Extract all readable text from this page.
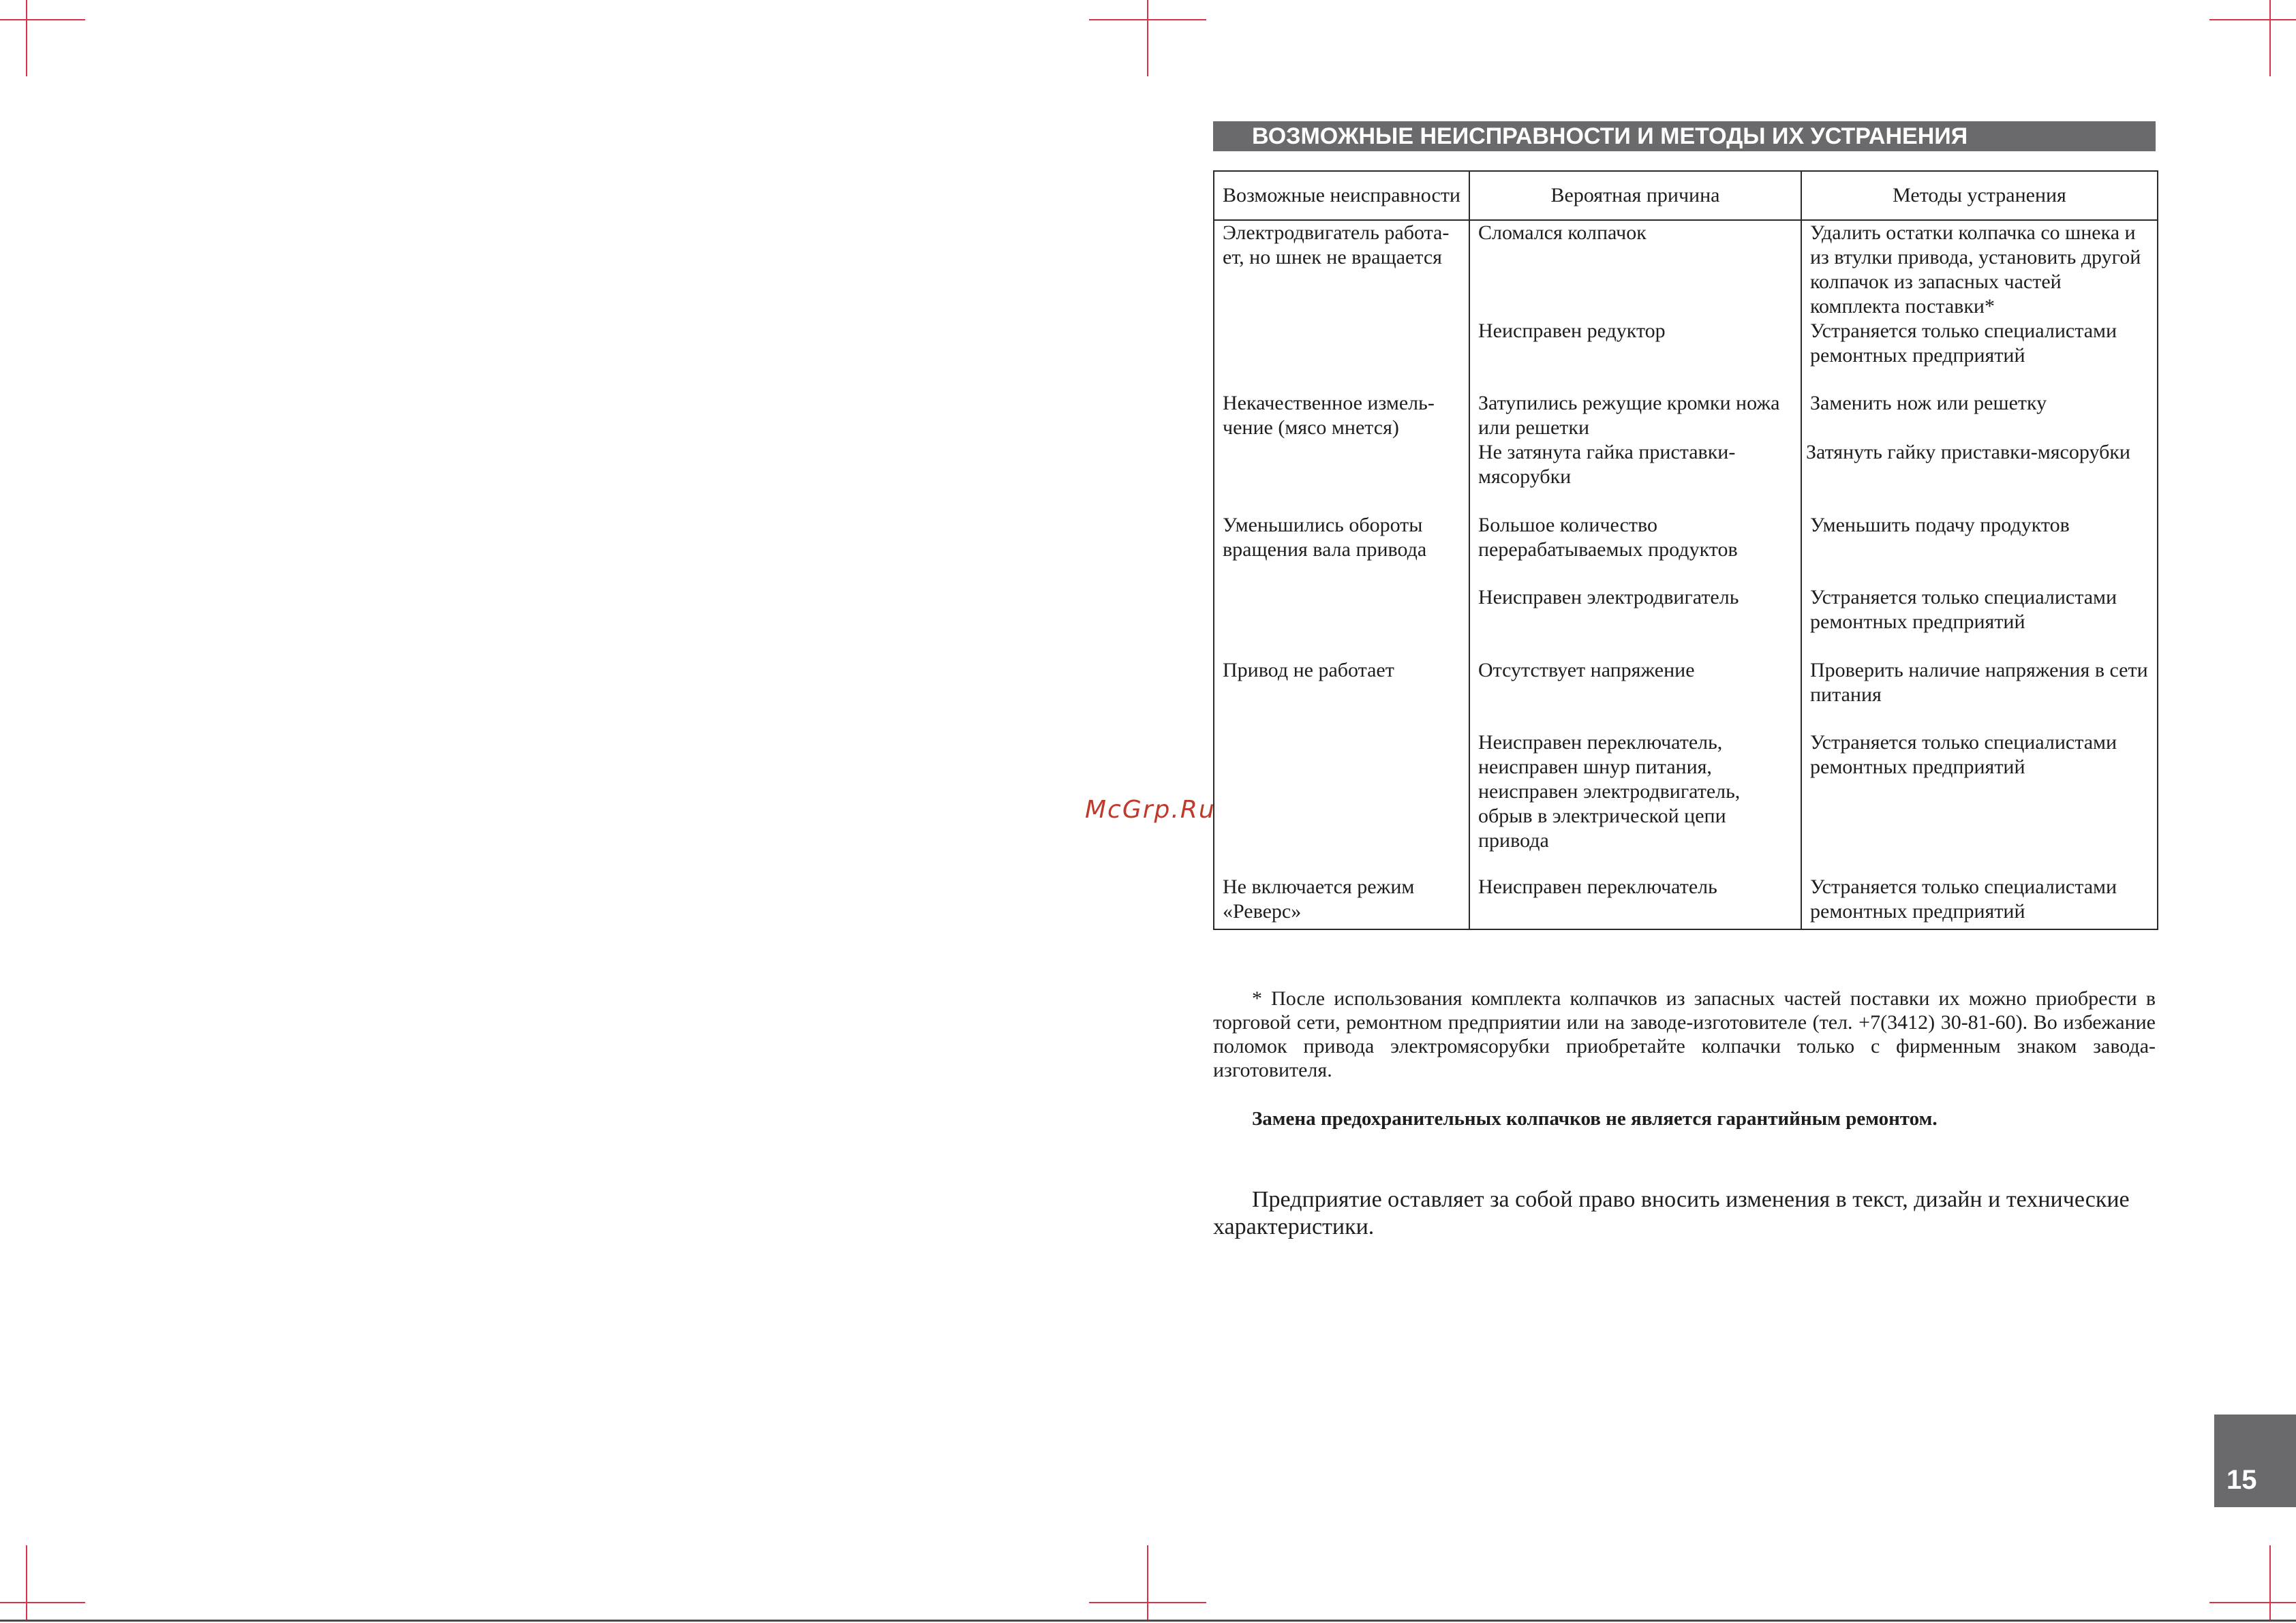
ВОЗМОЖНЫЕ НЕИСПРАВНОСТИ И МЕТОДЫ ИХ УСТРАНЕНИЯ
Возможные неисправности	Вероятная причина	Методы устранения
Электродвигатель работа-ет, но шнек не вращается	Сломался колпачок	Удалить остатки колпачка со шнека и из втулки привода, установить другой колпачок из запасных частей комплекта поставки*
	Неисправен редуктор	Устраняется только специалистами ремонтных предприятий
Некачественное измель-чение (мясо мнется)	Затупились режущие кромки ножа или решетки	Заменить нож или решетку
	Не затянута гайка приставки-мясорубки	Затянуть гайку приставки-мясорубки
Уменьшились обороты вращения вала привода	Большое количество перерабатываемых продуктов	Уменьшить подачу продуктов
	Неисправен электродвигатель	Устраняется только специалистами ремонтных предприятий
Привод не работает	Отсутствует напряжение	Проверить наличие напряжения в сети питания
	Неисправен переключатель, неисправен шнур питания, неисправен электродвигатель, обрыв в электрической цепи привода	Устраняется только специалистами ремонтных предприятий
Не включается режим «Реверс»	Неисправен переключатель	Устраняется только специалистами ремонтных предприятий
McGrp.Ru
* После использования комплекта колпачков из запасных частей поставки их можно приобрести в торговой сети, ремонтном предприятии или на заводе-изготовителе (тел. +7(3412) 30-81-60). Во избежание поломок привода электромясорубки приобретайте колпачки только с фирменным знаком завода-изготовителя.
Замена предохранительных колпачков не является гарантийным ремонтом.
Предприятие оставляет за собой право вносить изменения в текст, дизайн и технические характеристики.
15
